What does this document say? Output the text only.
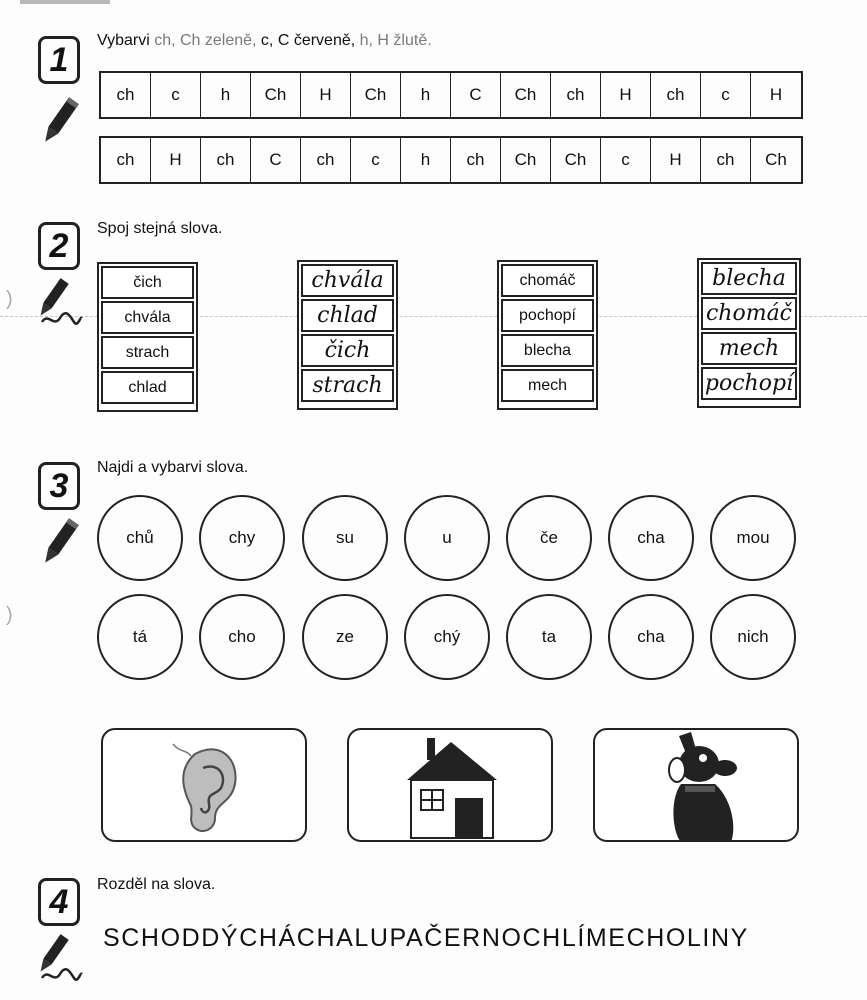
)
)
1
Vybarvi ch, Ch zeleně, c, C červeně, h, H žlutě.
ch	c	h	Ch	H	Ch	h	C	Ch	ch	H	ch	c	H
ch	H	ch	C	ch	c	h	ch	Ch	Ch	c	H	ch	Ch
2	Spoj stejná slova.
čich
chvála
strach
chlad
chvála
chlad
čich
strach
chomáč
pochopí
blecha
mech
blecha
chomáč
mech
pochopí
3	Najdi a vybarvi slova.
chů	chy	su	u	če	cha	mou
tá	cho	ze	chý	ta	cha	nich
4	Rozděl na slova.
SCHODDÝCHÁCHALUPAČERNOCHLÍMECHOLINY
